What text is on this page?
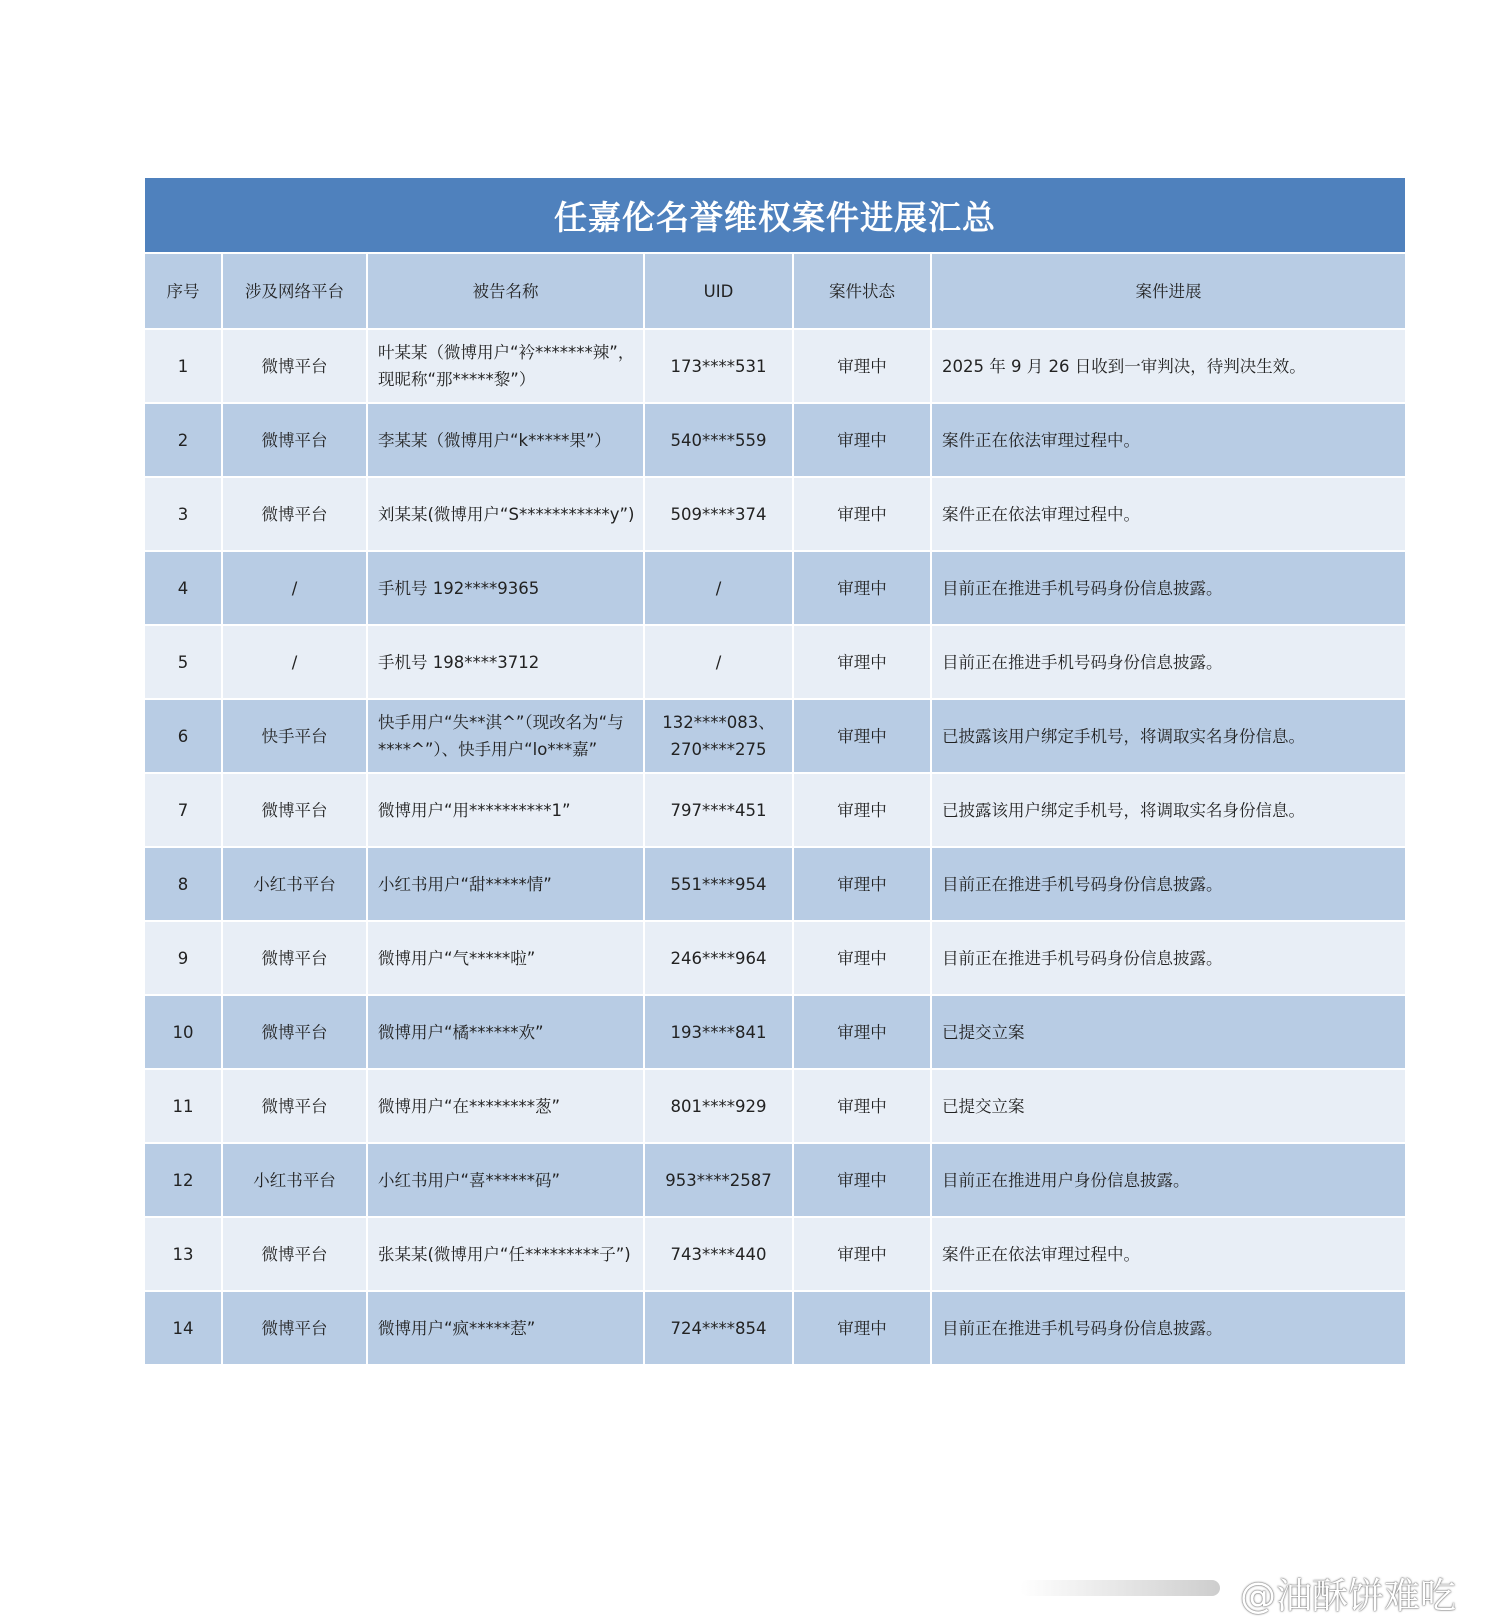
任嘉伦名誉维权案件进展汇总
序号	涉及网络平台	被告名称	UID	案件状态	案件进展
1	微博平台	叶某某（微博用户“衿*******辣”，现昵称“那*****黎”）	173****531	审理中	2025 年 9 月 26 日收到一审判决，待判决生效。
2	微博平台	李某某（微博用户“k*****果”）	540****559	审理中	案件正在依法审理过程中。
3	微博平台	刘某某(微博用户“S***********y”)	509****374	审理中	案件正在依法审理过程中。
4	/	手机号 192****9365	/	审理中	目前正在推进手机号码身份信息披露。
5	/	手机号 198****3712	/	审理中	目前正在推进手机号码身份信息披露。
6	快手平台	快手用户“失**淇^”（现改名为“与****^”）、快手用户“lo***嘉”	132****083、270****275	审理中	已披露该用户绑定手机号，将调取实名身份信息。
7	微博平台	微博用户“用**********1”	797****451	审理中	已披露该用户绑定手机号，将调取实名身份信息。
8	小红书平台	小红书用户“甜*****情”	551****954	审理中	目前正在推进手机号码身份信息披露。
9	微博平台	微博用户“气*****啦”	246****964	审理中	目前正在推进手机号码身份信息披露。
10	微博平台	微博用户“橘******欢”	193****841	审理中	已提交立案
11	微博平台	微博用户“在********葱”	801****929	审理中	已提交立案
12	小红书平台	小红书用户“喜******码”	953****2587	审理中	目前正在推进用户身份信息披露。
13	微博平台	张某某(微博用户“任*********子”)	743****440	审理中	案件正在依法审理过程中。
14	微博平台	微博用户“疯*****惹”	724****854	审理中	目前正在推进手机号码身份信息披露。
@油酥饼难吃
